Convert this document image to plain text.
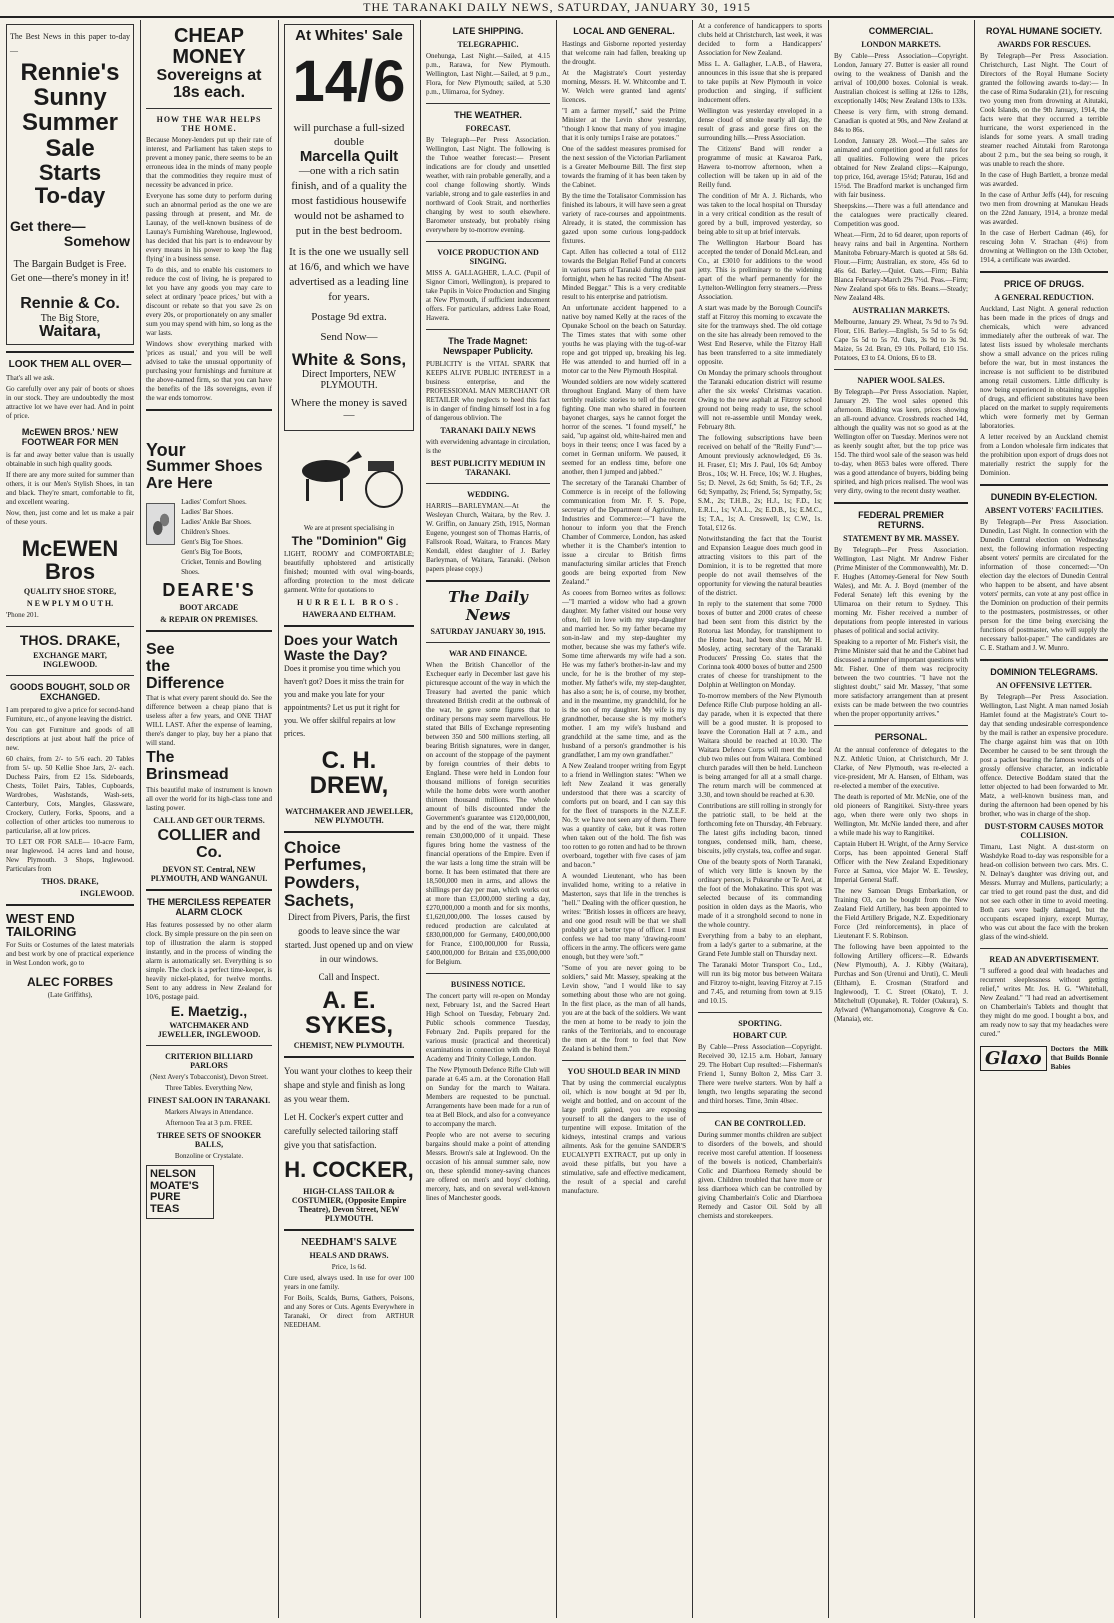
THE TARANAKI DAILY NEWS, SATURDAY, JANUARY 30, 1915
The Best News in this paper to-day—
Rennie's
Sunny
Summer
Sale
Starts
To-day
Get there—
Somehow
The Bargain Budget is Free. Get one—there's money in it!
Rennie & Co.
The Big Store,
Waitara,
LOOK THEM ALL OVER—
That's all we ask.
Go carefully over any pair of boots or shoes in our stock. They are undoubtedly the most attractive lot we have ever had. And in point of price.
McEWEN BROS.' NEW FOOTWEAR FOR MEN
is far and away better value than is usually obtainable in such high quality goods.
If there are any more suited for summer than others, it is our Men's Stylish Shoes, in tan and black. They're smart, comfortable to fit, and excellent wearing.
Now, then, just come and let us make a pair of these yours.
McEWEN Bros
QUALITY SHOE STORE,
N E W P L Y M O U T H.
'Phone 201.
THOS. DRAKE,
EXCHANGE MART, INGLEWOOD.
GOODS BOUGHT, SOLD OR EXCHANGED.
I am prepared to give a price for second-hand Furniture, etc., of anyone leaving the district.
You can get Furniture and goods of all descriptions at just about half the price of new.
60 chairs, from 2/- to 5/6 each. 20 Tables from 5/- up. 50 Kellie Shoe Jars, 2/- each. Duchess Pairs, from £2 15s. Sideboards, Chests, Toilet Pairs, Tables, Cupboards, Wardrobes, Washstands, Wash-sets, Canterbury, Cots, Mangles, Glassware, Crockery, Cutlery, Forks, Spoons, and a collection of other articles too numerous to particularise, all at low prices.
TO LET OR FOR SALE— 10-acre Farm, near Inglewood. 14 acres land and house, New Plymouth. 3 Shops, Inglewood. Particulars from
THOS. DRAKE,
INGLEWOOD.
WEST END
TAILORING
For Suits or Costumes of the latest materials and best work by one of practical experience in West London work, go to
ALEC FORBES
(Late Griffiths),
CHEAP MONEY
Sovereigns at 18s each.
HOW THE WAR HELPS THE HOME.
Because Money-lenders put up their rate of interest, and Parliament has taken steps to prevent a money panic, there seems to be an erroneous idea in the minds of many people that the commodities they require must of necessity be advanced in price.
Everyone has some duty to perform during such an abnormal period as the one we are passing through at present, and Mr. de Launay, of the well-known business of de Launay's Furnishing Warehouse, Inglewood, has decided that his part is to endeavour by every means in his power to keep 'the flag flying' in a business sense.
To do this, and to enable his customers to reduce the cost of living, he is prepared to let you have any goods you may care to select at ordinary 'peace prices,' but with a discount or rebate so that you save 2s on every 20s, or proportionately on any smaller sum you may spend with him, so long as the war lasts.
Windows show everything marked with 'prices as usual,' and you will be well advised to take the unusual opportunity of purchasing your furnishings and furniture at the above-named firm, so that you can have the benefits of the 18s sovereigns, even if the war ends tomorrow.
Your
Summer Shoes
Are Here
Ladies' Comfort Shoes.
Ladies' Bar Shoes.
Ladies' Ankle Bar Shoes.
Children's Shoes.
Gent's Big Toe Shoes.
Gent's Big Toe Boots,
Cricket, Tennis and Bowling Shoes.
DEARE'S
BOOT ARCADE
& REPAIR ON PREMISES.
See
the
Difference
That is what every parent should do. See the difference between a cheap piano that is useless after a few years, and ONE THAT WILL LAST. After the expense of learning, there's danger to play, buy her a piano that will stand.
The
Brinsmead
This beautiful make of instrument is known all over the world for its high-class tone and lasting power.
CALL AND GET OUR TERMS.
COLLIER and Co.
DEVON ST. Central, NEW PLYMOUTH, AND WANGANUI.
THE MERCILESS REPEATER ALARM CLOCK
Has features possessed by no other alarm clock. By simple pressure on the pin seen on top of illustration the alarm is stopped instantly, and in the process of winding the alarm is automatically set. Everything is so simple. The clock is a perfect time-keeper, is heavily nickel-plated, for twelve months. Sent to any address in New Zealand for 10/6, postage paid.
E. Maetzig.,
WATCHMAKER AND JEWELLER, INGLEWOOD.
CRITERION BILLIARD PARLORS
(Next Avery's Tobacconist), Devon Street.
Three Tables. Everything New,
FINEST SALOON IN TARANAKI.
Markers Always in Attendance.
Afternoon Tea at 3 p.m. FREE.
THREE SETS OF SNOOKER BALLS,
Bonzoline or Crystalate.
NELSON MOATE'S PURE TEAS
At Whites' Sale
14/6
will purchase a full-sized double
Marcella Quilt
—one with a rich satin finish, and of a quality the most fastidious housewife would not be ashamed to put in the best bedroom.
It is the one we usually sell at 16/6, and which we have advertised as a leading line for years.
Postage 9d extra.
Send Now—
White & Sons,
Direct Importers, NEW PLYMOUTH.
Where the money is saved—
We are at present specialising in
The "Dominion" Gig
LIGHT, ROOMY and COMFORTABLE; beautifully upholstered and artistically finished; mounted with oval wing-boards, affording protection to the most delicate garment. Write for quotations to
HURRELL BROS.
HAWERA AND ELTHAM.
Does your Watch Waste the Day?
Does it promise you time which you haven't got? Does it miss the train for you and make you late for your appointments? Let us put it right for you. We offer skilful repairs at low prices.
C. H. DREW,
WATCHMAKER AND JEWELLER, NEW PLYMOUTH.
Choice Perfumes, Powders, Sachets,
Direct from Pivers, Paris, the first goods to leave since the war started. Just opened up and on view in our windows.
Call and Inspect.
A. E. SYKES,
CHEMIST, NEW PLYMOUTH.
You want your clothes to keep their shape and style and finish as long as you wear them.
Let H. Cocker's expert cutter and carefully selected tailoring staff give you that satisfaction.
H. COCKER,
HIGH-CLASS TAILOR & COSTUMIER, (Opposite Empire Theatre), Devon Street, NEW PLYMOUTH.
NEEDHAM'S SALVE
HEALS AND DRAWS.
Price, 1s 6d.
Cure used, always used. In use for over 100 years in one family.
For Boils, Scalds, Burns, Gathers, Poisons, and any Sores or Cuts. Agents Everywhere in Taranaki, Or direct from ARTHUR NEEDHAM.
LATE SHIPPING.
TELEGRAPHIC.
Onehunga, Last Night.—Sailed, at 4.15 p.m., Rarawa, for New Plymouth. Wellington, Last Night.—Sailed, at 9 p.m., Flora, for New Plymouth; sailed, at 5.30 p.m., Ulimaroa, for Sydney.
THE WEATHER.
FORECAST.
By Telegraph—Per Press Association. Wellington, Last Night. The following is the Tuhoe weather forecast:— Present indications are for cloudy and unsettled weather, with rain probable generally, and a cool change following shortly. Winds variable, strong and to gale easterlies in and northward of Cook Strait, and northerlies changing by west to south elsewhere. Barometer unsteady, but probably rising everywhere by to-morrow evening.
VOICE PRODUCTION AND SINGING.
MISS A. GALLAGHER, L.A.C. (Pupil of Signor Cimori, Wellington), is prepared to take Pupils in Voice Production and Singing at New Plymouth, if sufficient inducement offers. For particulars, address Lake Road, Hawera.
The Trade Magnet: Newspaper Publicity.
PUBLICITY is the VITAL SPARK that KEEPS ALIVE PUBLIC INTEREST in a business enterprise, and the PROFESSIONAL MAN MERCHANT OR RETAILER who neglects to heed this fact is in danger of finding himself lost in a fog of dangerous oblivion. The
TARANAKI DAILY NEWS
with everwidening advantage in circulation, is the
BEST PUBLICITY MEDIUM IN TARANAKI.
WEDDING.
HARRIS—BARLEYMAN.—At the Wesleyan Church, Waitara, by the Rev. J. W. Griffin, on January 25th, 1915, Norman Eugene, youngest son of Thomas Harris, of Fallsrook Road, Waitara, to Frances Mary Kendall, eldest daughter of J. Barley Barleyman, of Waitara, Taranaki. (Nelson papers please copy.)
The Daily News
SATURDAY JANUARY 30, 1915.
WAR AND FINANCE.
When the British Chancellor of the Exchequer early in December last gave his picturesque account of the way in which the Treasury had averted the panic which threatened British credit at the outbreak of the war, he gave some figures that to ordinary persons may seem marvellous. He stated that Bills of Exchange representing between 350 and 500 millions sterling, all bearing British signatures, were in danger, on account of the stoppage of the payment by foreign countries of their debts to England. These were held in London four thousand millions of foreign securities while the home debts were worth another thirteen thousand millions. The whole amount of bills discounted under the Government's guarantee was £120,000,000, and by the end of the war, there might remain £30,000,000 of it unpaid. These figures bring home the vastness of the financial operations of the Empire. Even if the war lasts a long time the strain will be borne. It has been estimated that there are 18,500,000 men in arms, and allows the shillings per day per man, which works out at more than £3,000,000 sterling a day, £270,000,000 a month and for six months, £1,620,000,000. The losses caused by reduced production are calculated at £830,000,000 for Germany, £400,000,000 for France, £100,000,000 for Russia, £400,000,000 for Britain and £35,000,000 for Belgium.
BUSINESS NOTICE.
The concert party will re-open on Monday next, February 1st, and the Sacred Heart High School on Tuesday, February 2nd. Public schools commence Tuesday, February 2nd. Pupils prepared for the various music (practical and theoretical) examinations in connection with the Royal Academy and Trinity College, London.
The New Plymouth Defence Rifle Club will parade at 6.45 a.m. at the Coronation Hall on Sunday for the march to Waitara. Members are requested to be punctual. Arrangements have been made for a run of tea at Bell Block, and also for a conveyance to accompany the march.
People who are not averse to securing bargains should make a point of attending Messrs. Brown's sale at Inglewood. On the occasion of his annual summer sale, now on, these splendid money-saving chances are offered on men's and boys' clothing, mercery, hats, and on several well-known lines of Manchester goods.
LOCAL AND GENERAL.
Hastings and Gisborne reported yesterday that welcome rain had fallen, breaking up the drought.
At the Magistrate's Court yesterday morning, Messrs. H. W. Whitcombe and T. W. Welch were granted land agents' licences.
"I am a farmer myself," said the Prime Minister at the Levin show yesterday, "though I know that many of you imagine that it is only turnips I raise are potatoes."
One of the saddest measures promised for the next session of the Victorian Parliament is a Greater Melbourne Bill. The first step towards the framing of it has been taken by the Cabinet.
By the time the Totalisator Commission has finished its labours, it will have seen a great variety of race-courses and appointments. Already, it is stated, the commission has gazed upon some curious long-paddock fixtures.
Capt. Allen has collected a total of £112 towards the Belgian Relief Fund at concerts in various parts of Taranaki during the past fortnight, when he has recited "The Absent-Minded Beggar." This is a very creditable result to his enterprise and patriotism.
An unfortunate accident happened to a native boy named Kelly at the races of the Opunake School on the beach on Saturday. The Times states that with some other youths he was playing with the tug-of-war rope and got tripped up, breaking his leg. He was attended to and hurried off in a motor car to the New Plymouth Hospital.
Wounded soldiers are now widely scattered throughout England. Many of them have terribly realistic stories to tell of the recent fighting. One man who shared in fourteen bayonet charges, says he cannot forget the horror of the scenes. "I found myself," he said, "up against old, white-haired men and boys in their teens; once I was faced by a cornet in German uniform. We paused, it seemed for an endless time, before one another, then I jumped and jabbed."
The secretary of the Taranaki Chamber of Commerce is in receipt of the following communication from Mr. F. S. Pope, secretary of the Department of Agriculture, Industries and Commerce:—"I have the honour to inform you that the French Chamber of Commerce, London, has asked whether it is the Chamber's intention to issue a circular to British firms manufacturing similar articles that French goods are being exported from New Zealand."
As cooees from Borneo writes as follows:—"I married a widow who had a grown daughter. My father visited our house very often, fell in love with my step-daughter and married her. So my father became my son-in-law and my step-daughter my mother, because she was my father's wife. Some time afterwards my wife had a son. He was my father's brother-in-law and my uncle, for he is the brother of my step-mother. My father's wife, my step-daughter, has also a son; he is, of course, my brother, and in the meantime, my grandchild, for he is the son of my daughter. My wife is my grandmother, because she is my mother's mother. I am my wife's husband and grandchild at the same time, and as the husband of a person's grandmother is his grandfather, I am my own grandfather."
A New Zealand trooper writing from Egypt to a friend in Wellington states: "When we left New Zealand it was generally understood that there was a scarcity of comforts put on board, and I can say this for the fleet of transports in the N.Z.E.F. No. 9: we have not seen any of them. There was a quantity of cake, but it was rotten when taken out of the hold. The fish was too rotten to go rotten and had to be thrown overboard, together with five cases of jam and bacon."
A wounded Lieutenant, who has been invalided home, writing to a relative in Masterton, says that life in the trenches is "hell." Dealing with the officer question, he writes: "British losses in officers are heavy, and one good result will be that we shall probably get a better type of officer. I must confess we had too many 'drawing-room' officers in the army. The officers were game enough, but they were 'soft.'"
"Some of you are never going to be soldiers," said Mr. Massey, speaking at the Levin show, "and I would like to say something about those who are not going. In the first place, as the man of all hands, you are at the back of the soldiers. We want the men at home to be ready to join the ranks of the Territorials, and to encourage the men at the front to feel that New Zealand is behind them."
YOU SHOULD BEAR IN MIND
That by using the commercial eucalyptus oil, which is now bought at 9d per lb, weight and bottled, and on account of the large profit gained, you are exposing yourself to all the dangers to the use of turpentine will expose. Imitation of the kidneys, intestinal cramps and various ailments. Ask for the genuine SANDER'S EUCALYPTI EXTRACT, put up only in avoid these pitfalls, but you have a stimulative, safe and effective medicament, the result of a special and careful manufacture.
At a conference of handicappers to sports clubs held at Christchurch, last week, it was decided to form a Handicappers' Association for New Zealand.
Miss L. A. Gallagher, L.A.B., of Hawera, announces in this issue that she is prepared to take pupils at New Plymouth in voice production and singing, if sufficient inducement offers.
Wellington was yesterday enveloped in a dense cloud of smoke nearly all day, the result of grass and gorse fires on the surrounding hills.—Press Association.
The Citizens' Band will render a programme of music at Kawaroa Park, Hawera to-morrow afternoon, when a collection will be taken up in aid of the Reilly fund.
The condition of Mr A. J. Richards, who was taken to the local hospital on Thursday in a very critical condition as the result of gored by a bull, improved yesterday, so being able to sit up at brief intervals.
The Wellington Harbour Board has accepted the tender of Donald McLean, and Co., at £3010 for additions to the wood jetty. This is preliminary to the widening apart of the wharf permanently for the Lyttelton-Wellington ferry steamers.—Press Association.
A start was made by the Borough Council's staff at Fitzroy this morning to excavate the site for the tramways shed. The old cottage on the site has already been removed to the West End Reserve, while the Fitzroy Hall has been transferred to a site immediately opposite.
On Monday the primary schools throughout the Taranaki education district will resume after the six weeks' Christmas vacation. Owing to the new asphalt at Fitzroy school ground not being ready to use, the school will not re-assemble until Monday week, February 8th.
The following subscriptions have been received on behalf of the "Reilly Fund":— Amount previously acknowledged, £6 3s. H. Fraser, £1; Mrs J. Paul, 10s 6d; Amboy Bros., 10s; W. H. Frece, 10s; W. J. Hughes, 5s; D. Nevel, 2s 6d; Smith, 5s 6d; T.F., 2s 6d; Sympathy, 2s; Friend, 5s; Sympathy, 5s; S.M., 2s; T.H.B., 2s; H.J., 1s; F.D., 1s; E.R.L., 1s; V.A.L., 2s; E.D.B., 1s; E.M.C., 1s; T.A., 1s; A. Cresswell, 1s; C.W., 1s. Total, £12 6s.
Notwithstanding the fact that the Tourist and Expansion League does much good in attracting visitors to this part of the Dominion, it is to be regretted that more people do not avail themselves of the opportunity for viewing the natural beauties of the district.
In reply to the statement that some 7000 boxes of butter and 2000 crates of cheese had been sent from this district by the Rotorua last Monday, for transhipment to the Home boat, had been shut out, Mr H. Mosley, acting secretary of the Taranaki Producers' Pressing Co. states that the Corinna took 4000 boxes of butter and 2500 crates of cheese for transhipment to the Dolphin at Wellington on Monday.
To-morrow members of the New Plymouth Defence Rifle Club purpose holding an all-day parade, when it is expected that there will be a good muster. It is proposed to leave the Coronation Hall at 7 a.m., and Waitara should be reached at 10.30. The Waitara Defence Corps will meet the local club two miles out from Waitara. Combined church parades will then be held. Luncheon is being arranged for all at a small charge. The return march will be commenced at 3.30, and town should be reached at 6.30.
Contributions are still rolling in strongly for the patriotic stall, to be held at the forthcoming fete on Thursday, 4th February. The latest gifts including bacon, tinned tongues, condensed milk, ham, cheese, biscuits, jelly crystals, tea, coffee and sugar.
One of the beauty spots of North Taranaki, of which very little is known by the ordinary person, is Pukearuhe or Te Arei, at the foot of the Mohakatino. This spot was selected because of its commanding position in olden days as the Maoris, who made of it a stronghold second to none in the whole country.
Everything from a baby to an elephant, from a lady's garter to a submarine, at the Grand Fete Jumble stall on Thursday next.
The Taranaki Motor Transport Co., Ltd., will run its big motor bus between Waitara and Fitzroy to-night, leaving Fitzroy at 7.15 and 7.45, and returning from town at 9.15 and 10.15.
SPORTING.
HOBART CUP.
By Cable—Press Association—Copyright. Received 30, 12.15 a.m. Hobart, January 29. The Hobart Cup resulted:—Fisherman's Friend 1, Sunny Bolton 2, Miss Carr 3. There were twelve starters. Won by half a length, two lengths separating the second and third horses. Time, 3min 40sec.
CAN BE CONTROLLED.
During summer months children are subject to disorders of the bowels, and should receive most careful attention. If looseness of the bowels is noticed, Chamberlain's Colic and Diarrhoea Remedy should be given. Children troubled that have more or less diarrhoea which can be controlled by giving Chamberlain's Colic and Diarrhoea Remedy and Castor Oil. Sold by all chemists and storekeepers.
COMMERCIAL.
LONDON MARKETS.
By Cable—Press Association—Copyright. London, January 27. Butter is easier all round owing to the weakness of Danish and the arrival of 100,000 boxes. Colonial is weak. Australian choicest is selling at 126s to 128s, exceptionally 140s; New Zealand 130s to 133s.
Cheese is very firm, with strong demand. Canadian is quoted at 90s, and New Zealand at 84s to 86s.
London, January 28. Wool.—The sales are animated and competition good at full rates for all qualities. Following were the prices obtained for New Zealand clips:—Kaipungo, top price, 16d, average 15½d; Paturau, 16d and 15½d. The Bradford market is unchanged firm with fair business.
Sheepskins.—There was a full attendance and the catalogues were practically cleared. Competition was good.
Wheat.—Firm, 2d to 6d dearer, upon reports of heavy rains and bail in Argentina. Northern Manitoba February-March is quoted at 58s 6d. Flour.—Firm; Australian, ex store, 45s 6d to 46s 6d. Barley.—Quiet. Oats.—Firm; Bahia Blanca February-March 29s 7½d. Peas.—Firm; New Zealand spot 66s to 68s. Beans.—Steady; New Zealand 48s.
AUSTRALIAN MARKETS.
Melbourne, January 29. Wheat, 7s 9d to 7s 9d. Flour, £16. Barley.—English, 5s 5d to 5s 6d; Cape 5s 5d to 5s 7d. Oats, 3s 9d to 3s 9d. Maize, 5s 2d. Bran, £9 10s. Pollard, £10 15s. Potatoes, £3 to £4. Onions, £6 to £8.
NAPIER WOOL SALES.
By Telegraph—Per Press Association. Napier, January 29. The wool sales opened this afternoon. Bidding was keen, prices showing an all-round advance. Crossbreds reached 14d, although the quality was not so good as at the Wellington offer on Tuesday. Merinos were not as keenly sought after, but the top price was 15d. The third wool sale of the season was held to-day, when 8653 bales were offered. There was a good attendance of buyers, bidding being spirited, and high prices realised. The wool was very dirty, owing to the recent dusty weather.
FEDERAL PREMIER RETURNS.
STATEMENT BY MR. MASSEY.
By Telegraph—Per Press Association. Wellington, Last Night. Mr Andrew Fisher (Prime Minister of the Commonwealth), Mr. D. F. Hughes (Attorney-General for New South Wales), and Mr. A. J. Boyd (member of the Federal Senate) left this evening by the Ulimaroa on their return to Sydney. This morning Mr. Fisher received a number of deputations from people interested in various phases of political and social activity.
Speaking to a reporter of Mr. Fisher's visit, the Prime Minister said that he and the Cabinet had discussed a number of important questions with Mr. Fisher. One of them was reciprocity between the two countries. "I have not the slightest doubt," said Mr. Massey, "that some more satisfactory arrangement than at present exists can be made between the two countries when the proper opportunity arrives."
PERSONAL.
At the annual conference of delegates to the N.Z. Athletic Union, at Christchurch, Mr J. Clarke, of New Plymouth, was re-elected a vice-president, Mr A. Hansen, of Eltham, was re-elected a member of the executive.
The death is reported of Mr. McNie, one of the old pioneers of Rangitikei. Sixty-three years ago, when there were only two shops in Wellington, Mr. McNie landed there, and after a while made his way to Rangitikei.
Captain Hubert H. Wright, of the Army Service Corps, has been appointed General Staff Officer with the New Zealand Expeditionary Force at Samoa, vice Major W. E. Tewsley, Imperial General Staff.
The new Samoan Drugs Embarkation, or Training O3, can be bought from the New Zealand Field Artillery, has been appointed to the Field Artillery Brigade, N.Z. Expeditionary Force (3rd reinforcements), in place of Lieutenant F. S. Robinson.
The following have been appointed to the following Artillery officers:—R. Edwards (New Plymouth), A. J. Kibby (Waitara), Purchas and Son (Urenui and Uruti), C. Meuli (Eltham), E. Crosman (Stratford and Inglewood), T. C. Street (Okato), T. J. Mitcheltull (Opunake), R. Tolder (Oakura), S. Aylward (Whangamomona), Cosgrove & Co. (Manaia), etc.
ROYAL HUMANE SOCIETY.
AWARDS FOR RESCUES.
By Telegraph—Per Press Association. Christchurch, Last Night. The Court of Directors of the Royal Humane Society granted the following awards to-day:— In the case of Rima Sudarakin (21), for rescuing two young men from drowning at Aitutaki, Cook Islands, on the 9th January, 1914, the facts were that they occurred a terrible hurricane, the worst experienced in the islands for some years. A small trading steamer reached Aitutaki from Rarotonga about 2 p.m., but the sea being so rough, it was unable to reach the shore.
In the case of Hugh Bartlett, a bronze medal was awarded.
In the case of Arthur Jeffs (44), for rescuing two men from drowning at Manukau Heads on the 22nd January, 1914, a bronze medal was awarded.
In the case of Herbert Cadman (46), for rescuing John V. Strachan (4½) from drowning at Wellington on the 13th October, 1914, a certificate was awarded.
PRICE OF DRUGS.
A GENERAL REDUCTION.
Auckland, Last Night. A general reduction has been made in the prices of drugs and chemicals, which were advanced immediately after the outbreak of war. The latest lists issued by wholesale merchants show a small advance on the prices ruling before the war, but in most instances the increase is not sufficient to be distributed among retail customers. Little difficulty is now being experienced in obtaining supplies of drugs, and efficient substitutes have been placed on the market to supply requirements which were formerly met by German laboratories.
A letter received by an Auckland chemist from a London wholesale firm indicates that the prohibition upon export of drugs does not materially restrict the supply for the Dominion.
DUNEDIN BY-ELECTION.
ABSENT VOTERS' FACILITIES.
By Telegraph—Per Press Association. Dunedin, Last Night. In connection with the Dunedin Central election on Wednesday next, the following information respecting absent voters' permits are circulated for the information of those concerned:—"On election day the electors of Dunedin Central who happen to be absent, and have absent voters' permits, can vote at any post office in the Dominion on production of their permits to the postmasters, postmistresses, or other person for the time being exercising the functions of postmaster, who will supply the necessary ballot-paper." The candidates are C. E. Statham and J. W. Munro.
DOMINION TELEGRAMS.
AN OFFENSIVE LETTER.
By Telegraph—Per Press Association. Wellington, Last Night. A man named Josiah Hamlet found at the Magistrate's Court to-day that sending undesirable correspondence by the mail is rather an expensive procedure. The charge against him was that on 10th December he caused to be sent through the post a packet bearing the famous words of a grossly offensive character, an indictable offence. Detective Boddam stated that the letter objected to had been forwarded to Mr. Matz, a well-known business man, and during the afternoon had been opened by his brother, who was in charge of the shop.
DUST-STORM CAUSES MOTOR COLLISION.
Timaru, Last Night. A dust-storm on Washdyke Road to-day was responsible for a head-on collision between two cars. Mrs. C. N. Delnay's daughter was driving out, and Messrs. Murray and Mullens, particularly; a car tried to get round past the dust, and did not see each other in time to avoid meeting. Both cars were badly damaged, but the occupants escaped injury, except Murray, who was cut about the face with the broken glass of the wind-shield.
READ AN ADVERTISEMENT.
"I suffered a good deal with headaches and recurrent sleeplessness without getting relief," writes Mr. Jos. H. G. "Whitehall, New Zealand." "I had read an advertisement on Chamberlain's Tablets and thought that they might do me good. I bought a box, and am ready now to say that my headaches were cured."
Glaxo	Doctors the Milk that Builds Bonnie Babies
